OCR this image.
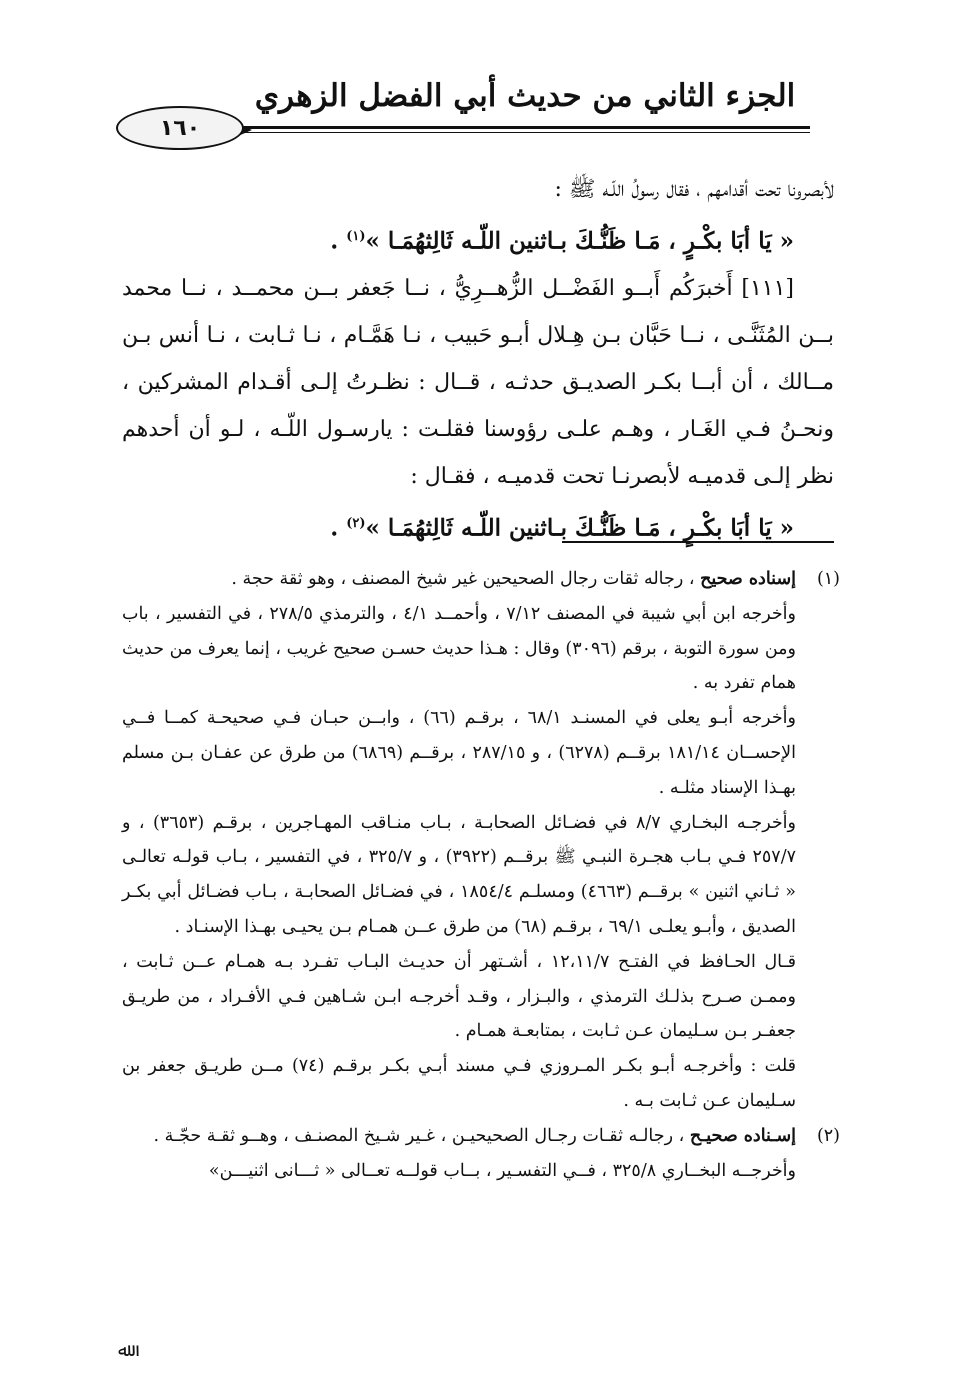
الجزء الثاني من حديث أبي الفضل الزهري
١٦٠

لأبصرونا تحت أقدامهم ، فقال رسولُ اللّـه ﷺ :

« يَا أبَا بكْـرٍ ، مَـا ظَنُّـكَ بـاثنين اللّـه ثَالِثهُمَـا »$^{(١)}$ .

[١١١] أَخبرَكُم أَبــو الفَضْــل الزُّهــرِيُّ ، نــا جَعفر بــن محمــد ، نــا محمد بــن المُثَنَّـى ، نــا حَبَّان بـن هِـلال أبـو حَبيب ، نـا هَمَّـام ، نـا ثـابت ، نـا أنس بـن مــالك ، أن أبــا بكـر الصديـق حدثـه ، قــال : نظـرتُ إلـى أقـدام المشركين ، ونحـنُ فـي الغَـار ، وهـم علـى رؤوسنا فقلـت : يارسـول اللّـه ، لـو أن أحدهم نظر إلـى قدميـه لأبصرنـا تحت قدميـه ، فقـال :

« يَا أبَا بكْـرٍ ، مَـا ظَنُّـكَ بـاثنين اللّـه ثَالِثهُمَـا »$^{(٢)}$ .

(١)

إسناده صحيح ، رجاله ثقات رجال الصحيحين غير شيخ المصنف ، وهو ثقة حجة .

وأخرجه ابن أبي شيبة في المصنف ٧/١٢ ، وأحمــد ٤/١ ، والترمذي ٢٧٨/٥ ، في التفسير ، باب ومن سورة التوبة ، برقم (٣٠٩٦) وقال : هـذا حديث حسـن صحيح غريب ، إنما يعرف من حديث همام تفرد به .

وأخرجه أبـو يعلى في المسنـد ٦٨/١ ، برقـم (٦٦) ، وابــن حبـان فـي صحيحـة كمــا فــي الإحســان ١٨١/١٤ برقــم (٦٢٧٨) ، و ٢٨٧/١٥ ، برقــم (٦٨٦٩) من طرق عن عفـان بـن مسلم بهـذا الإسناد مثلـه .

وأخرجـه البخـاري ٨/٧ في فضـائل الصحابـة ، بـاب منـاقب المهـاجرين ، برقـم (٣٦٥٣) ، و ٢٥٧/٧ فـي بـاب هجـرة النبـي ﷺ برقــم (٣٩٢٢) ، و ٣٢٥/٧ ، في التفسير ، بـاب قولـه تعالـى « ثـاني اثنين » برقــم (٤٦٦٣) ومسلـم ١٨٥٤/٤ ، في فضـائل الصحابـة ، بـاب فضـائل أبي بكـر الصديق ، وأبـو يعلـى ٦٩/١ ، برقـم (٦٨) من طرق عــن همـام بـن يحيـى بهـذا الإسنـاد .

قـال الحـافظ في الفتـح ١٢،١١/٧ ، أشـتهر أن حديـث البـاب تفـرد بـه همـام عــن ثـابت ، وممـن صـرح بذلـك الترمذي ، والبـزار ، وقـد أخرجـه ابـن شـاهين فـي الأفـراد ، من طريـق جعفـر بـن سـليمان عـن ثـابت ، بمتابعـة همـام .

قلت : وأخرجـه أبـو بكـر المـروزي فـي مسند أبـي بكـر برقـم (٧٤) مــن طريـق جعفر بن سـليمان عـن ثـابت بـه .

(٢)

إسـناده صحيـح ، رجالـه ثقـات رجـال الصحيحيـن ، غـير شـيخ المصنـف ، وهــو ثقـة حجّـة .

وأخرجــه البخــاري ٣٢٥/٨ ، فــي التفسـير ، بــاب قولــه تعــالى « ثـــانى اثنيـــن»

ﷲ
